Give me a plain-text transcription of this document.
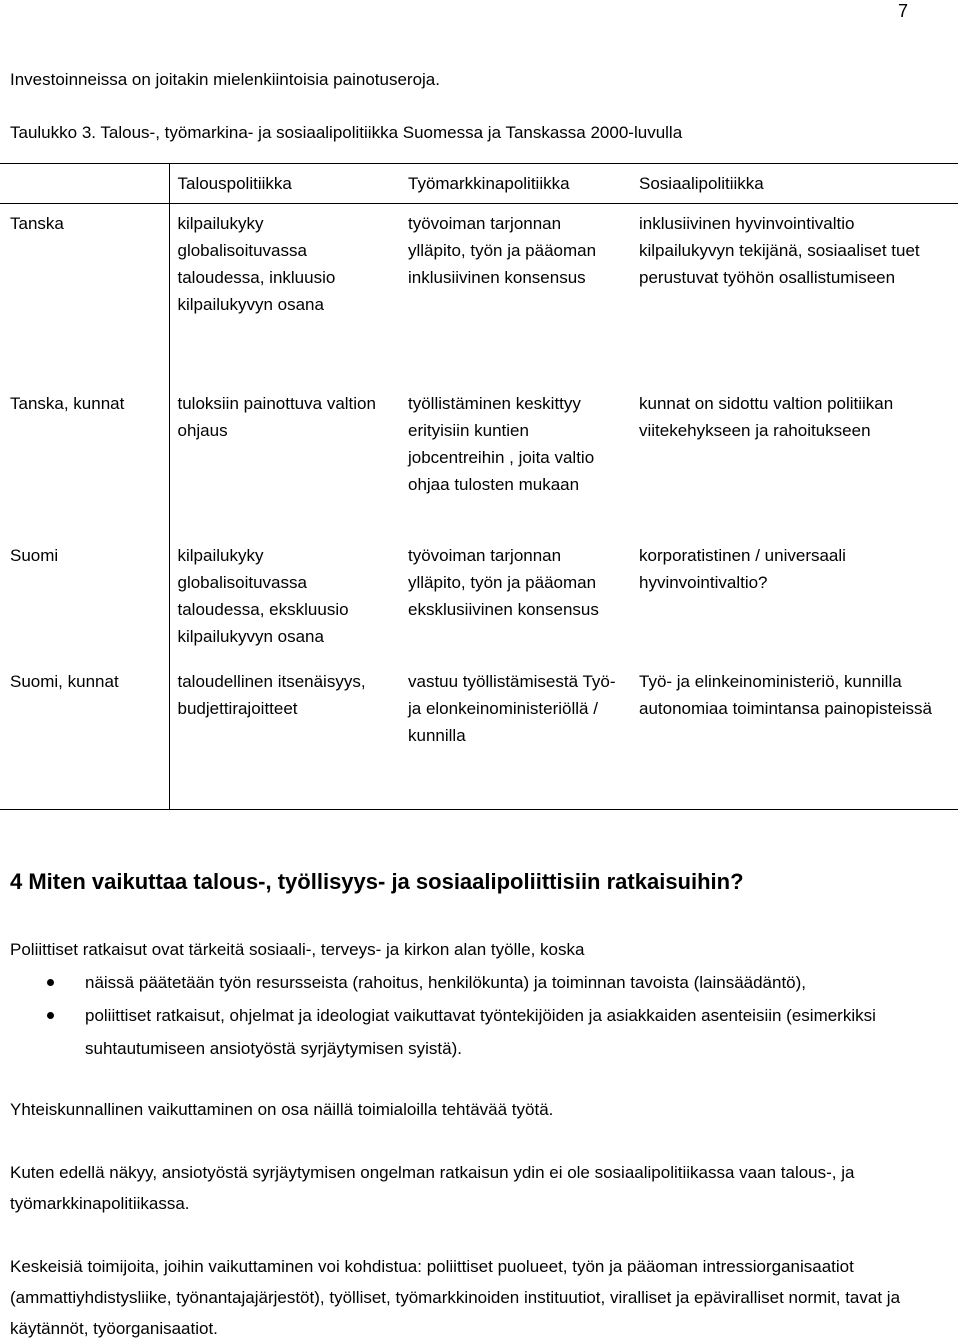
7

Investoinneissa on joitakin mielenkiintoisia painotuseroja.

Taulukko 3. Talous-, työmarkina- ja sosiaalipolitiikka Suomessa ja Tanskassa 2000-luvulla

	Talouspolitiikka	Työmarkkinapolitiikka	Sosiaalipolitiikka
Tanska	kilpailukyky globalisoituvassa taloudessa, inkluusio kilpailukyvyn osana	työvoiman tarjonnan ylläpito, työn ja pääoman inklusiivinen konsensus	inklusiivinen hyvinvointivaltio kilpailukyvyn tekijänä, sosiaaliset tuet perustuvat työhön osallistumiseen
Tanska, kunnat	tuloksiin painottuva valtion ohjaus	työllistäminen keskittyy erityisiin kuntien jobcentreihin , joita valtio ohjaa tulosten mukaan	kunnat on sidottu valtion politiikan viitekehykseen ja rahoitukseen
Suomi	kilpailukyky globalisoituvassa taloudessa, ekskluusio kilpailukyvyn osana	työvoiman tarjonnan ylläpito, työn ja pääoman eksklusiivinen konsensus	korporatistinen / universaali hyvinvointivaltio?
Suomi, kunnat	taloudellinen itsenäisyys, budjettirajoitteet	vastuu työllistämisestä Työ- ja elonkeinoministeriöllä / kunnilla	Työ- ja elinkeinoministeriö, kunnilla autonomiaa toimintansa painopisteissä
4 Miten vaikuttaa talous-, työllisyys- ja sosiaalipoliittisiin ratkaisuihin?

Poliittiset ratkaisut ovat tärkeitä sosiaali-, terveys- ja kirkon alan työlle, koska

näissä päätetään työn resursseista (rahoitus, henkilökunta) ja toiminnan tavoista (lainsäädäntö),
poliittiset ratkaisut, ohjelmat ja ideologiat vaikuttavat työntekijöiden ja asiakkaiden asenteisiin (esimerkiksi suhtautumiseen ansiotyöstä syrjäytymisen syistä).

Yhteiskunnallinen vaikuttaminen on osa näillä toimialoilla tehtävää työtä.

Kuten edellä näkyy, ansiotyöstä syrjäytymisen ongelman ratkaisun ydin ei ole sosiaalipolitiikassa vaan talous-, ja työmarkkinapolitiikassa.

Keskeisiä toimijoita, joihin vaikuttaminen voi kohdistua: poliittiset puolueet, työn ja pääoman intressiorganisaatiot (ammattiyhdistysliike, työnantajajärjestöt), työlliset, työmarkkinoiden instituutiot, viralliset ja epäviralliset normit, tavat ja käytännöt, työorganisaatiot.
